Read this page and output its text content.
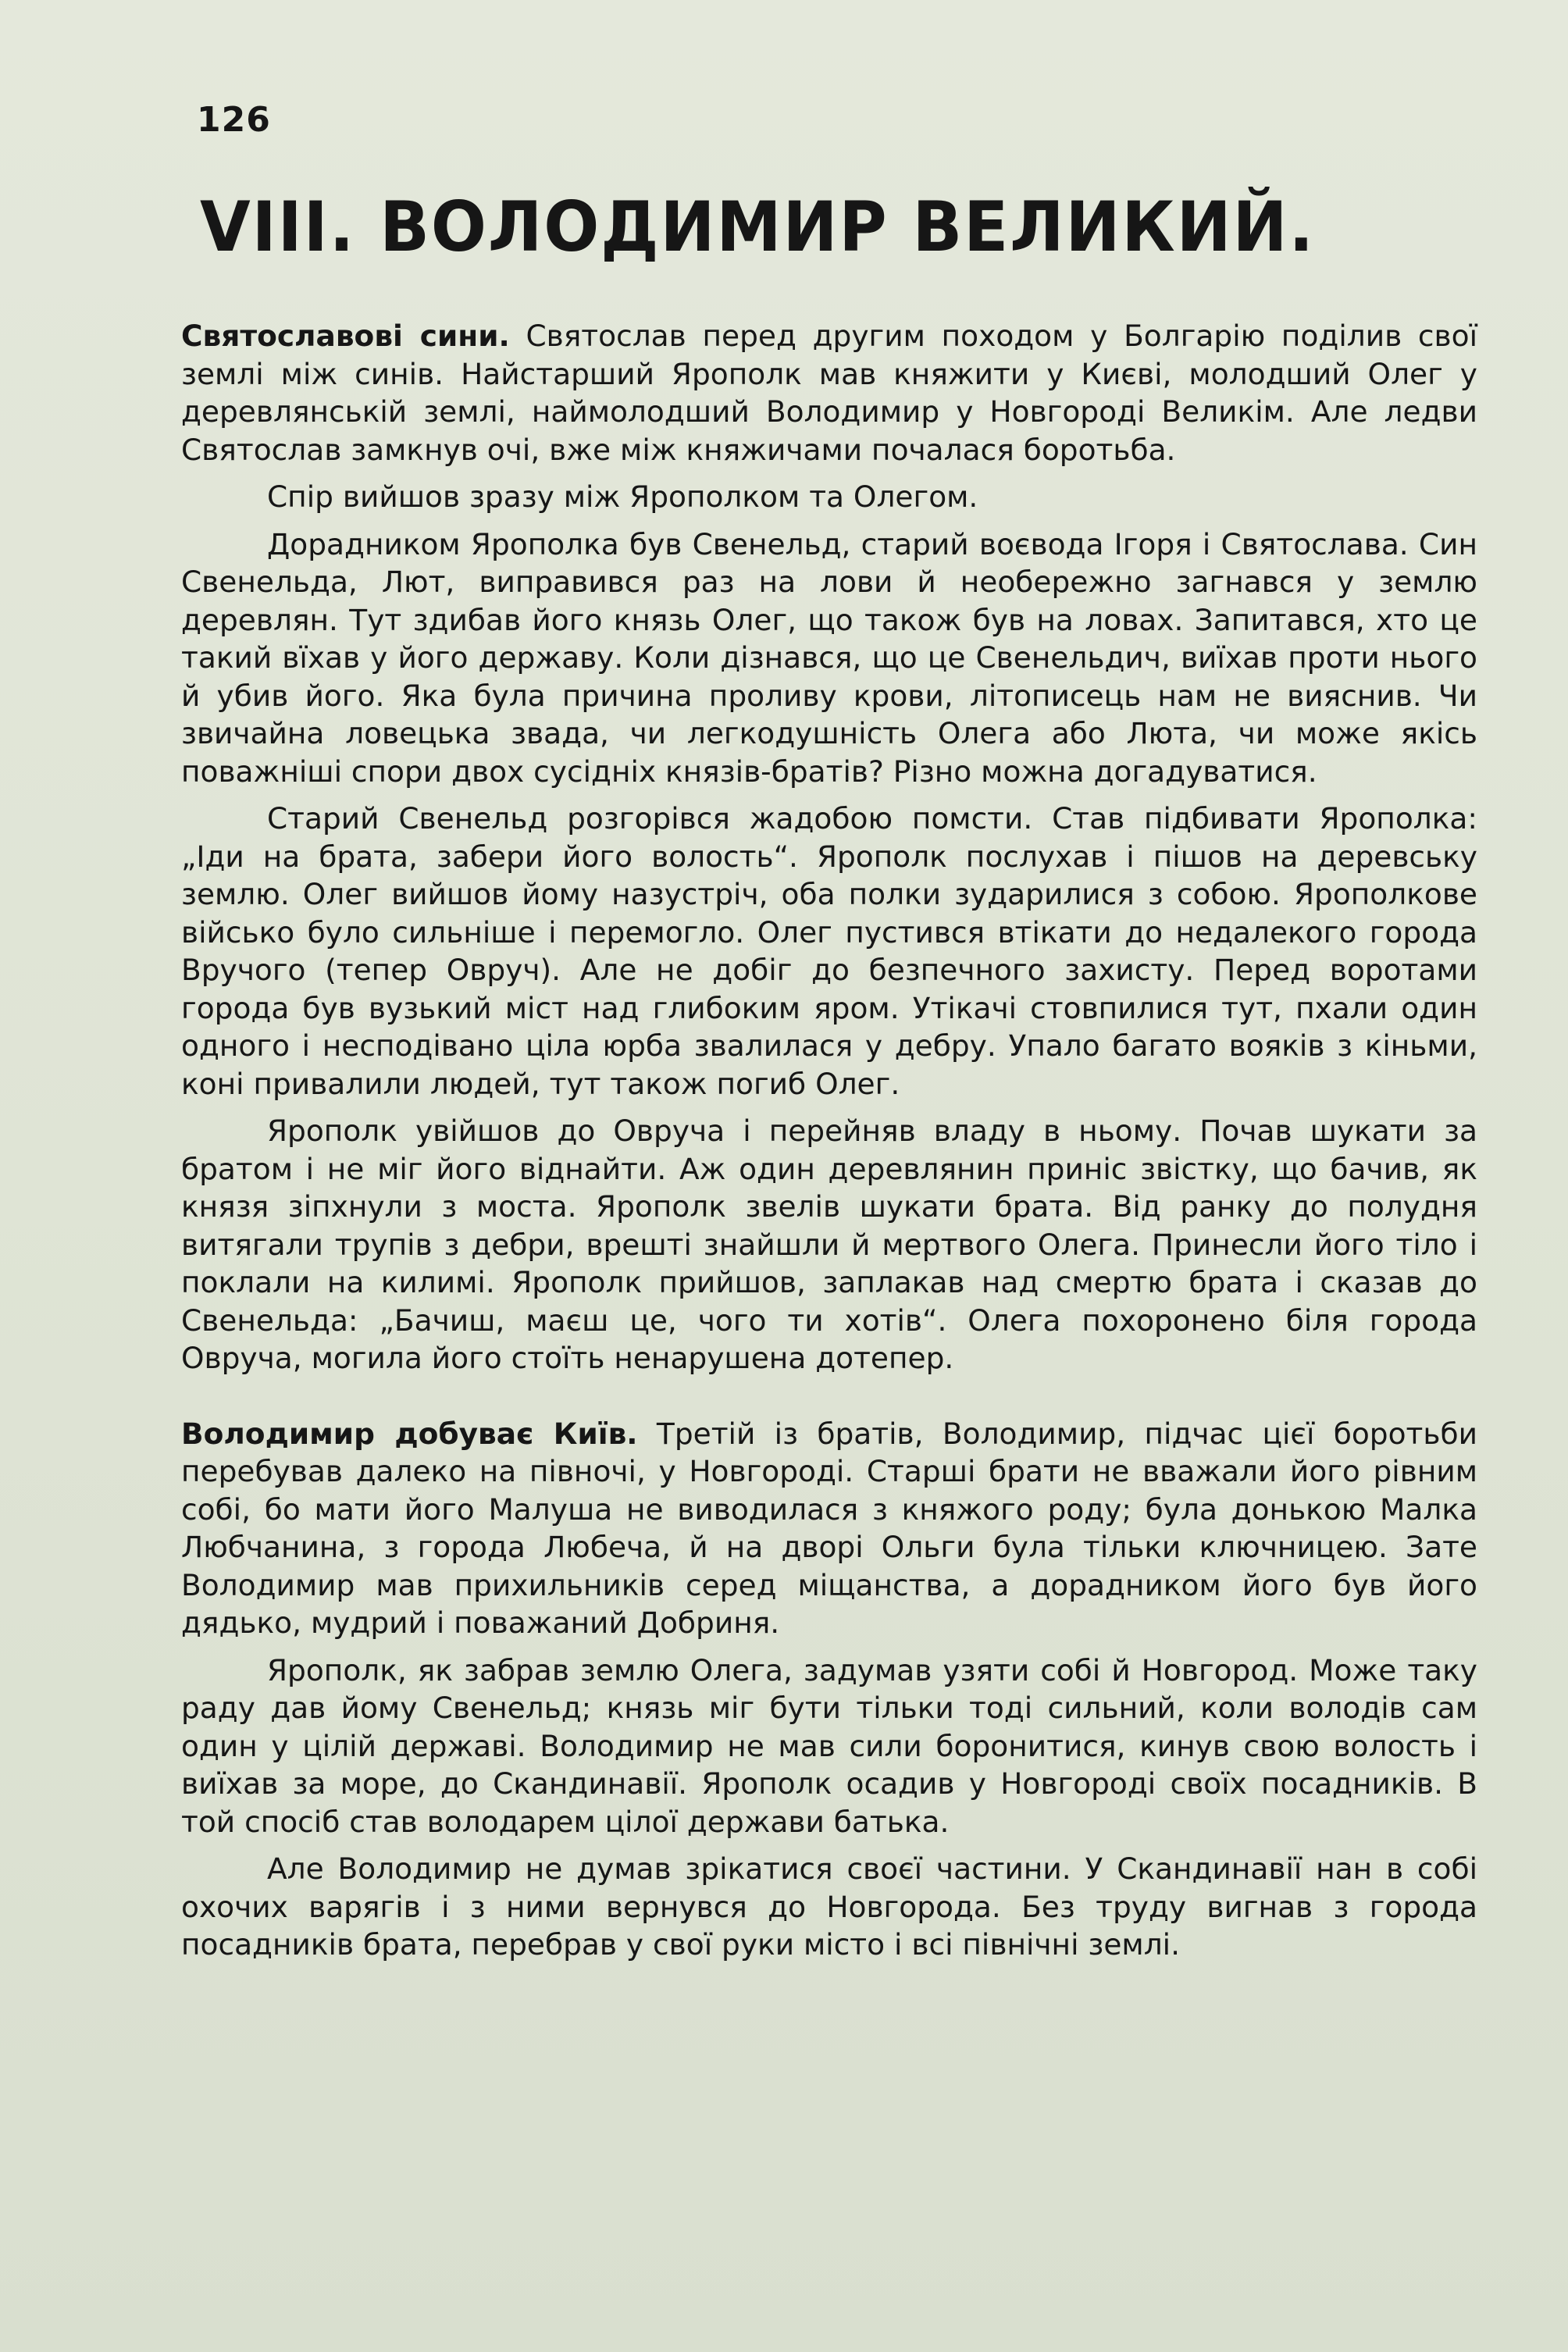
126
VIII. ВОЛОДИМИР ВЕЛИКИЙ.

Святославові сини. Святослав перед другим походом у Болгарію поділив свої землі між синів. Найстарший Ярополк мав княжити у Києві, молодший Олег у деревлянській землі, наймолодший Володимир у Новгороді Великім. Але ледви Святослав замкнув очі, вже між княжичами почалася боротьба.

Спір вийшов зразу між Ярополком та Олегом.

Дорадником Ярополка був Свенельд, старий воєвода Ігоря і Святослава. Син Свенельда, Лют, виправився раз на лови й необережно загнався у землю деревлян. Тут здибав його князь Олег, що також був на ловах. Запитався, хто це такий вїхав у його державу. Коли дізнався, що це Свенельдич, виїхав проти нього й убив його. Яка була причина проливу крови, літописець нам не вияснив. Чи звичайна ловецька звада, чи легкодушність Олега або Люта, чи може якісь поважніші спори двох сусідніх князів-братів? Різно можна догадуватися.

Старий Свенельд розгорівся жадобою помсти. Став підбивати Ярополка: „Іди на брата, забери його волость“. Ярополк послухав і пішов на деревську землю. Олег вийшов йому назустріч, оба полки зударилися з собою. Ярополкове військо було сильніше і перемогло. Олег пустився втікати до недалекого города Вручого (тепер Овруч). Але не добіг до безпечного захисту. Перед воротами города був вузький міст над глибоким яром. Утікачі стовпилися тут, пхали один одного і несподівано ціла юрба звалилася у дебру. Упало багато вояків з кіньми, коні привалили людей, тут також погиб Олег.

Ярополк увійшов до Овруча і перейняв владу в ньому. Почав шукати за братом і не міг його віднайти. Аж один деревлянин приніс звістку, що бачив, як князя зіпхнули з моста. Ярополк звелів шукати брата. Від ранку до полудня витягали трупів з дебри, врешті знайшли й мертвого Олега. Принесли його тіло і поклали на килимі. Ярополк прийшов, заплакав над смертю брата і сказав до Свенельда: „Бачиш, маєш це, чого ти хотів“. Олега похоронено біля города Овруча, могила його стоїть ненарушена дотепер.

Володимир добуває Київ. Третій із братів, Володимир, підчас цієї боротьби перебував далеко на півночі, у Новгороді. Старші брати не вважали його рівним собі, бо мати його Малуша не виводилася з княжого роду; була донькою Малка Любчанина, з города Любеча, й на дворі Ольги була тільки ключницею. Зате Володимир мав прихильників серед міщанства, а дорадником його був його дядько, мудрий і поважаний Добриня.

Ярополк, як забрав землю Олега, задумав узяти собі й Новгород. Може таку раду дав йому Свенельд; князь міг бути тільки тоді сильний, коли володів сам один у цілій державі. Володимир не мав сили боронитися, кинув свою волость і виїхав за море, до Скандинавії. Ярополк осадив у Новгороді своїх посадників. В той спосіб став володарем цілої держави батька.

Але Володимир не думав зрікатися своєї частини. У Скандинавії нан в собі охочих варягів і з ними вернувся до Новгорода. Без труду вигнав з города посадників брата, перебрав у свої руки місто і всі північні землі.
